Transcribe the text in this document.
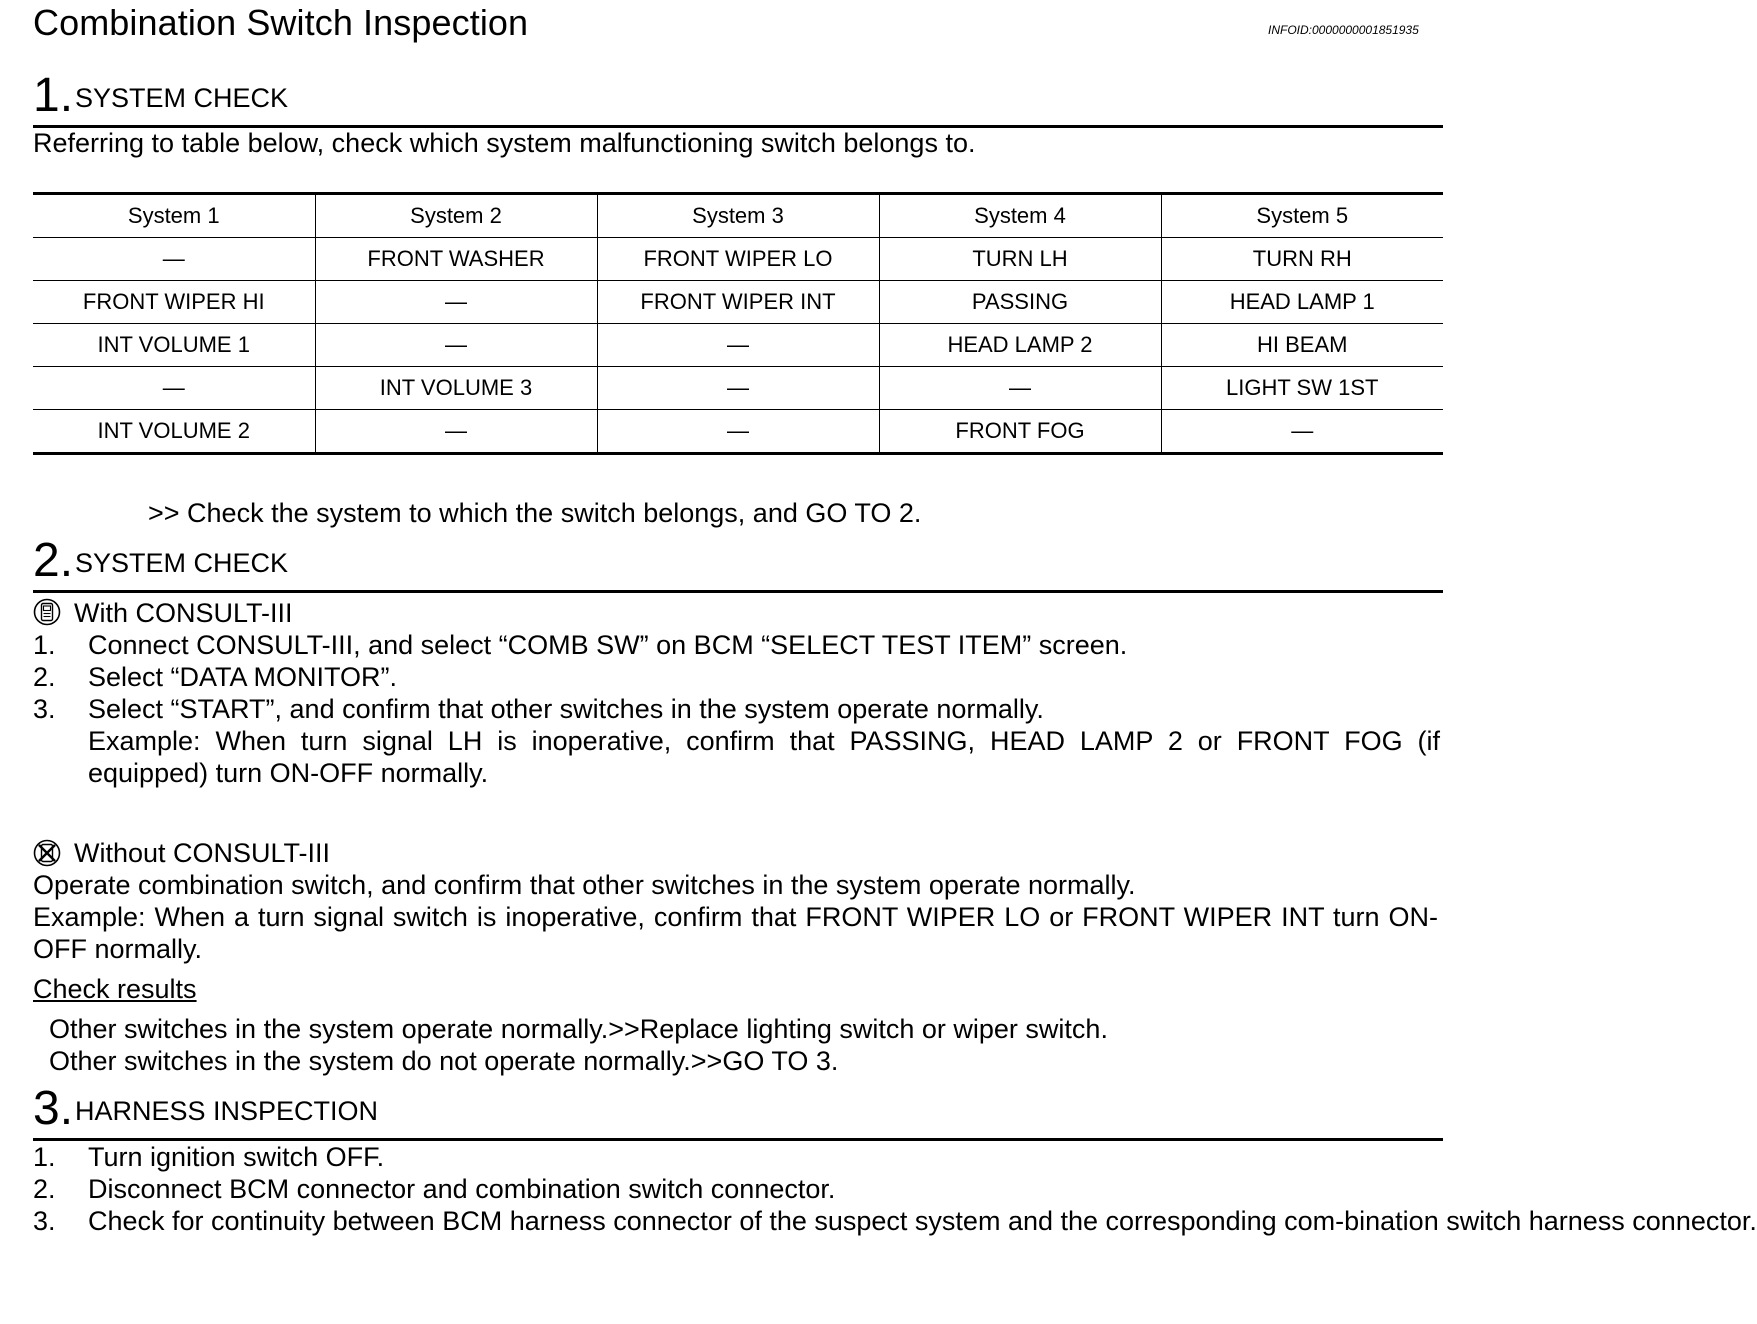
Combination Switch Inspection	INFOID:0000000001851935
1. SYSTEM CHECK
Referring to table below, check which system malfunctioning switch belongs to.
System 1	System 2	System 3	System 4	System 5
—	FRONT WASHER	FRONT WIPER LO	TURN LH	TURN RH
FRONT WIPER HI	—	FRONT WIPER INT	PASSING	HEAD LAMP 1
INT VOLUME 1	—	—	HEAD LAMP 2	HI BEAM
—	INT VOLUME 3	—	—	LIGHT SW 1ST
INT VOLUME 2	—	—	FRONT FOG	—
>> Check the system to which the switch belongs, and GO TO 2.
2. SYSTEM CHECK
With CONSULT-III
1. Connect CONSULT-III, and select “COMB SW” on BCM “SELECT TEST ITEM” screen.
2. Select “DATA MONITOR”.
3. Select “START”, and confirm that other switches in the system operate normally.
Example: When turn signal LH is inoperative, confirm that PASSING, HEAD LAMP 2 or FRONT FOG (if equipped) turn ON-OFF normally.
Without CONSULT-III
Operate combination switch, and confirm that other switches in the system operate normally.
Example: When a turn signal switch is inoperative, confirm that FRONT WIPER LO or FRONT WIPER INT turn ON-OFF normally.
Check results
Other switches in the system operate normally.>>Replace lighting switch or wiper switch.
Other switches in the system do not operate normally.>>GO TO 3.
3. HARNESS INSPECTION
1. Turn ignition switch OFF.
2. Disconnect BCM connector and combination switch connector.
3. Check for continuity between BCM harness connector of the suspect system and the corresponding com-bination switch harness connector.
